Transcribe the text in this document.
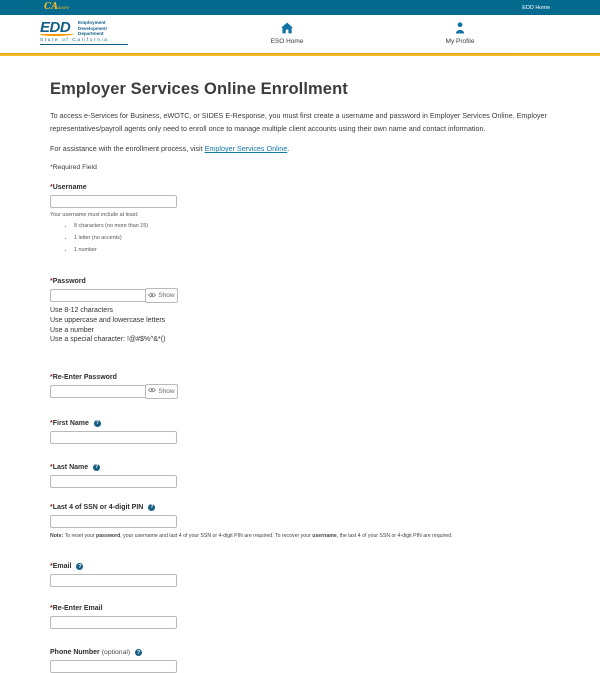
CAGOV	EDD Home
EDD	Employment
Development
Department
State of California	ESO Home	My Profile
Employer Services Online Enrollment

To access e-Services for Business, eWOTC, or SIDES E-Response, you must first create a username and password in Employer Services Online. Employer representatives/payroll agents only need to enroll once to manage multiple client accounts using their own name and contact information.

For assistance with the enrollment process, visit Employer Services Online.

*Required Field

* Username
Your username must include at least:
• 8 characters (no more than 15)
• 1 letter (no accents)
• 1 number
* Password
Show
Use 8-12 characters
Use uppercase and lowercase letters
Use a number
Use a special character: !@#$%^&*()
* Re-Enter Password
Show
* First Name
?
* Last Name
?
* Last 4 of SSN or 4-digit PIN
?

Note: To reset your password, your username and last 4 of your SSN or 4-digit PIN are required. To recover your username, the last 4 of your SSN or 4-digit PIN are required.

* Email
?
* Re-Enter Email
Phone Number (optional)
?
